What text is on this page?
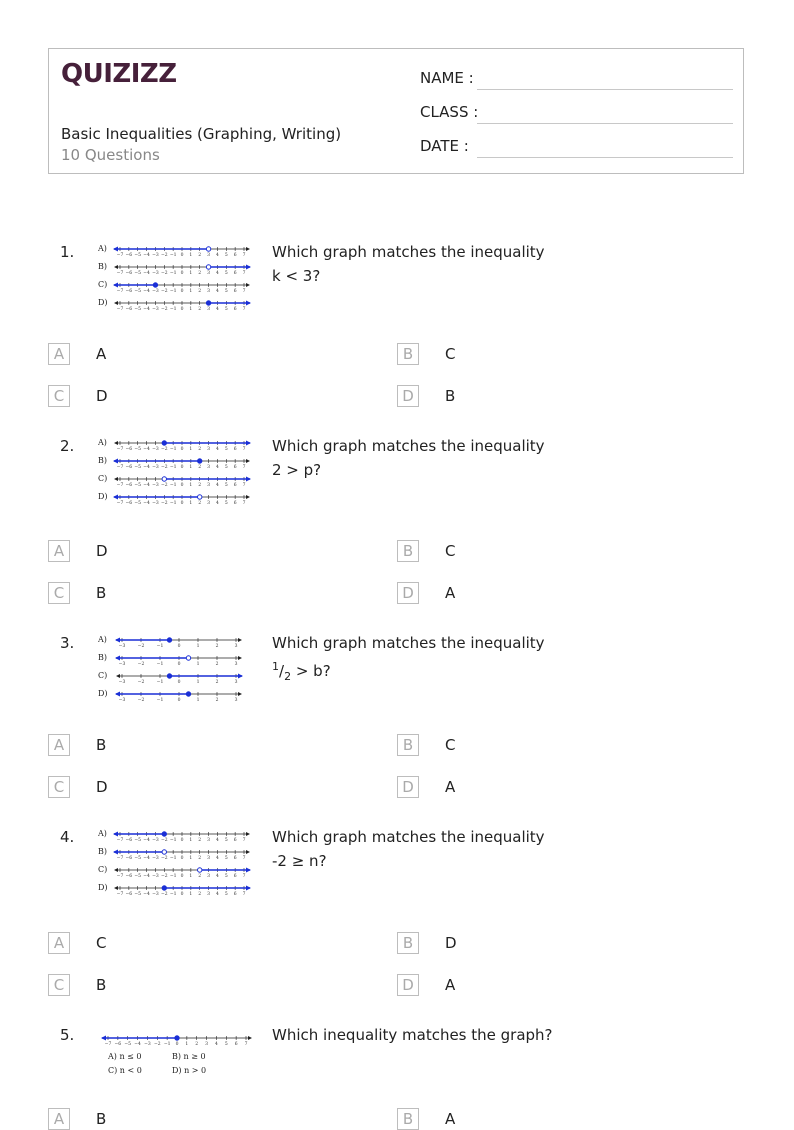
QUIZIZZ
Basic Inequalities (Graphing, Writing)
10 Questions
NAME :
CLASS :
DATE :
1.	A)
B)
C)
D)
−7 −6 −5 −4 −3 −2 −1 0 1 2 3 4 5 6 7
−7 −6 −5 −4 −3 −2 −1 0 1 2 3 4 5 6 7
−7 −6 −5 −4 −3 −2 −1 0 1 2 3 4 5 6 7
−7 −6 −5 −4 −3 −2 −1 0 1 2 3 4 5 6 7
Which graph matches the inequality
k < 3?
A	A	B	C
C	D	D	B
2.	A)
B)
C)
D)
−7 −6 −5 −4 −3 −2 −1 0 1 2 3 4 5 6 7
−7 −6 −5 −4 −3 −2 −1 0 1 2 3 4 5 6 7
−7 −6 −5 −4 −3 −2 −1 0 1 2 3 4 5 6 7
−7 −6 −5 −4 −3 −2 −1 0 1 2 3 4 5 6 7
Which graph matches the inequality
2 > p?
A	D	B	C
C	B	D	A
3.	A)
B)
C)
D)
−3	−2	−1	0	1	2	3
−3	−2	−1	0	1	2	3
−3	−2	−1	0	1	2	3
−3	−2	−1	0	1	2	3
Which graph matches the inequality
$^1/_2 > b$?
A	B	B	C
C	D	D	A
4.	A)
B)
C)
D)
−7 −6 −5 −4 −3 −2 −1 0 1 2 3 4 5 6 7
−7 −6 −5 −4 −3 −2 −1 0 1 2 3 4 5 6 7
−7 −6 −5 −4 −3 −2 −1 0 1 2 3 4 5 6 7
−7 −6 −5 −4 −3 −2 −1 0 1 2 3 4 5 6 7
Which graph matches the inequality
-2 ≥ n?
A	C	B	D
C	B	D	A
5.
−7 −6 −5 −4 −3 −2 −1 0 1 2 3 4 5 6 7
A) n ≤ 0	B) n ≥ 0
C) n < 0	D) n > 0
Which inequality matches the graph?
A	B	B	A
